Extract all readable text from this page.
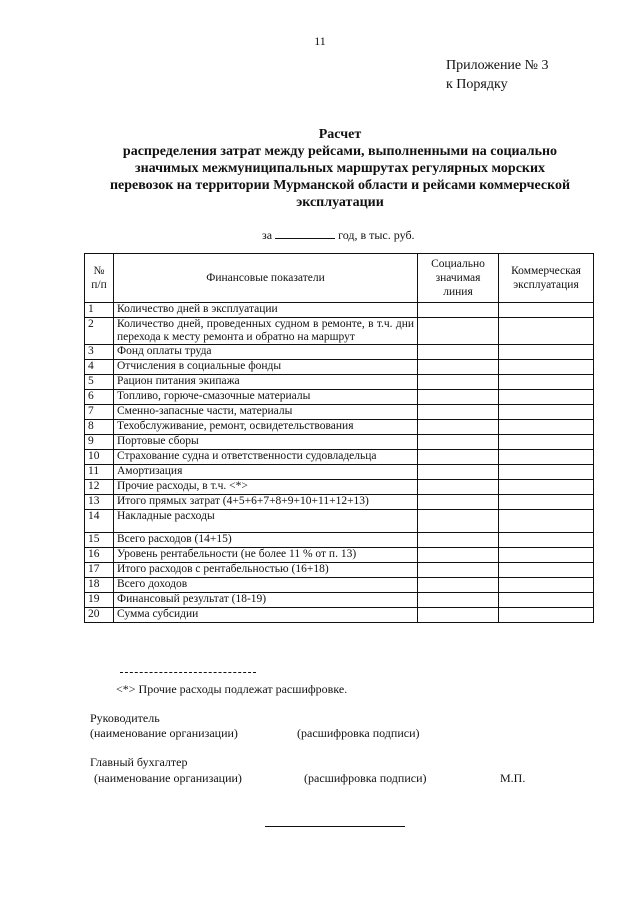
11
Приложение № 3
к Порядку
Расчет
распределения затрат между рейсами, выполненными на социально
значимых межмуниципальных маршрутах регулярных морских
перевозок на территории Мурманской области и рейсами коммерческой
эксплуатации
за	год, в тыс. руб.
№ п/п	Финансовые показатели	Социально значимая линия	Коммерческая эксплуатация
1	Количество дней в эксплуатации		
2	Количество дней, проведенных судном в ремонте, в т.ч. дни перехода к месту ремонта и обратно на маршрут		
3	Фонд оплаты труда		
4	Отчисления в социальные фонды		
5	Рацион питания экипажа		
6	Топливо, горюче-смазочные материалы		
7	Сменно-запасные части, материалы		
8	Техобслуживание, ремонт, освидетельствования		
9	Портовые сборы		
10	Страхование судна и ответственности судовладельца		
11	Амортизация		
12	Прочие расходы, в т.ч. <*>		
13	Итого прямых затрат (4+5+6+7+8+9+10+11+12+13)		
14	Накладные расходы		
15	Всего расходов (14+15)		
16	Уровень рентабельности (не более 11 % от п. 13)		
17	Итого расходов с рентабельностью (16+18)		
18	Всего доходов		
19	Финансовый результат (18-19)		
20	Сумма субсидии		
<*> Прочие расходы подлежат расшифровке.
Руководитель
(наименование организации)	(расшифровка подписи)
Главный бухгалтер
(наименование организации)	(расшифровка подписи)	М.П.
